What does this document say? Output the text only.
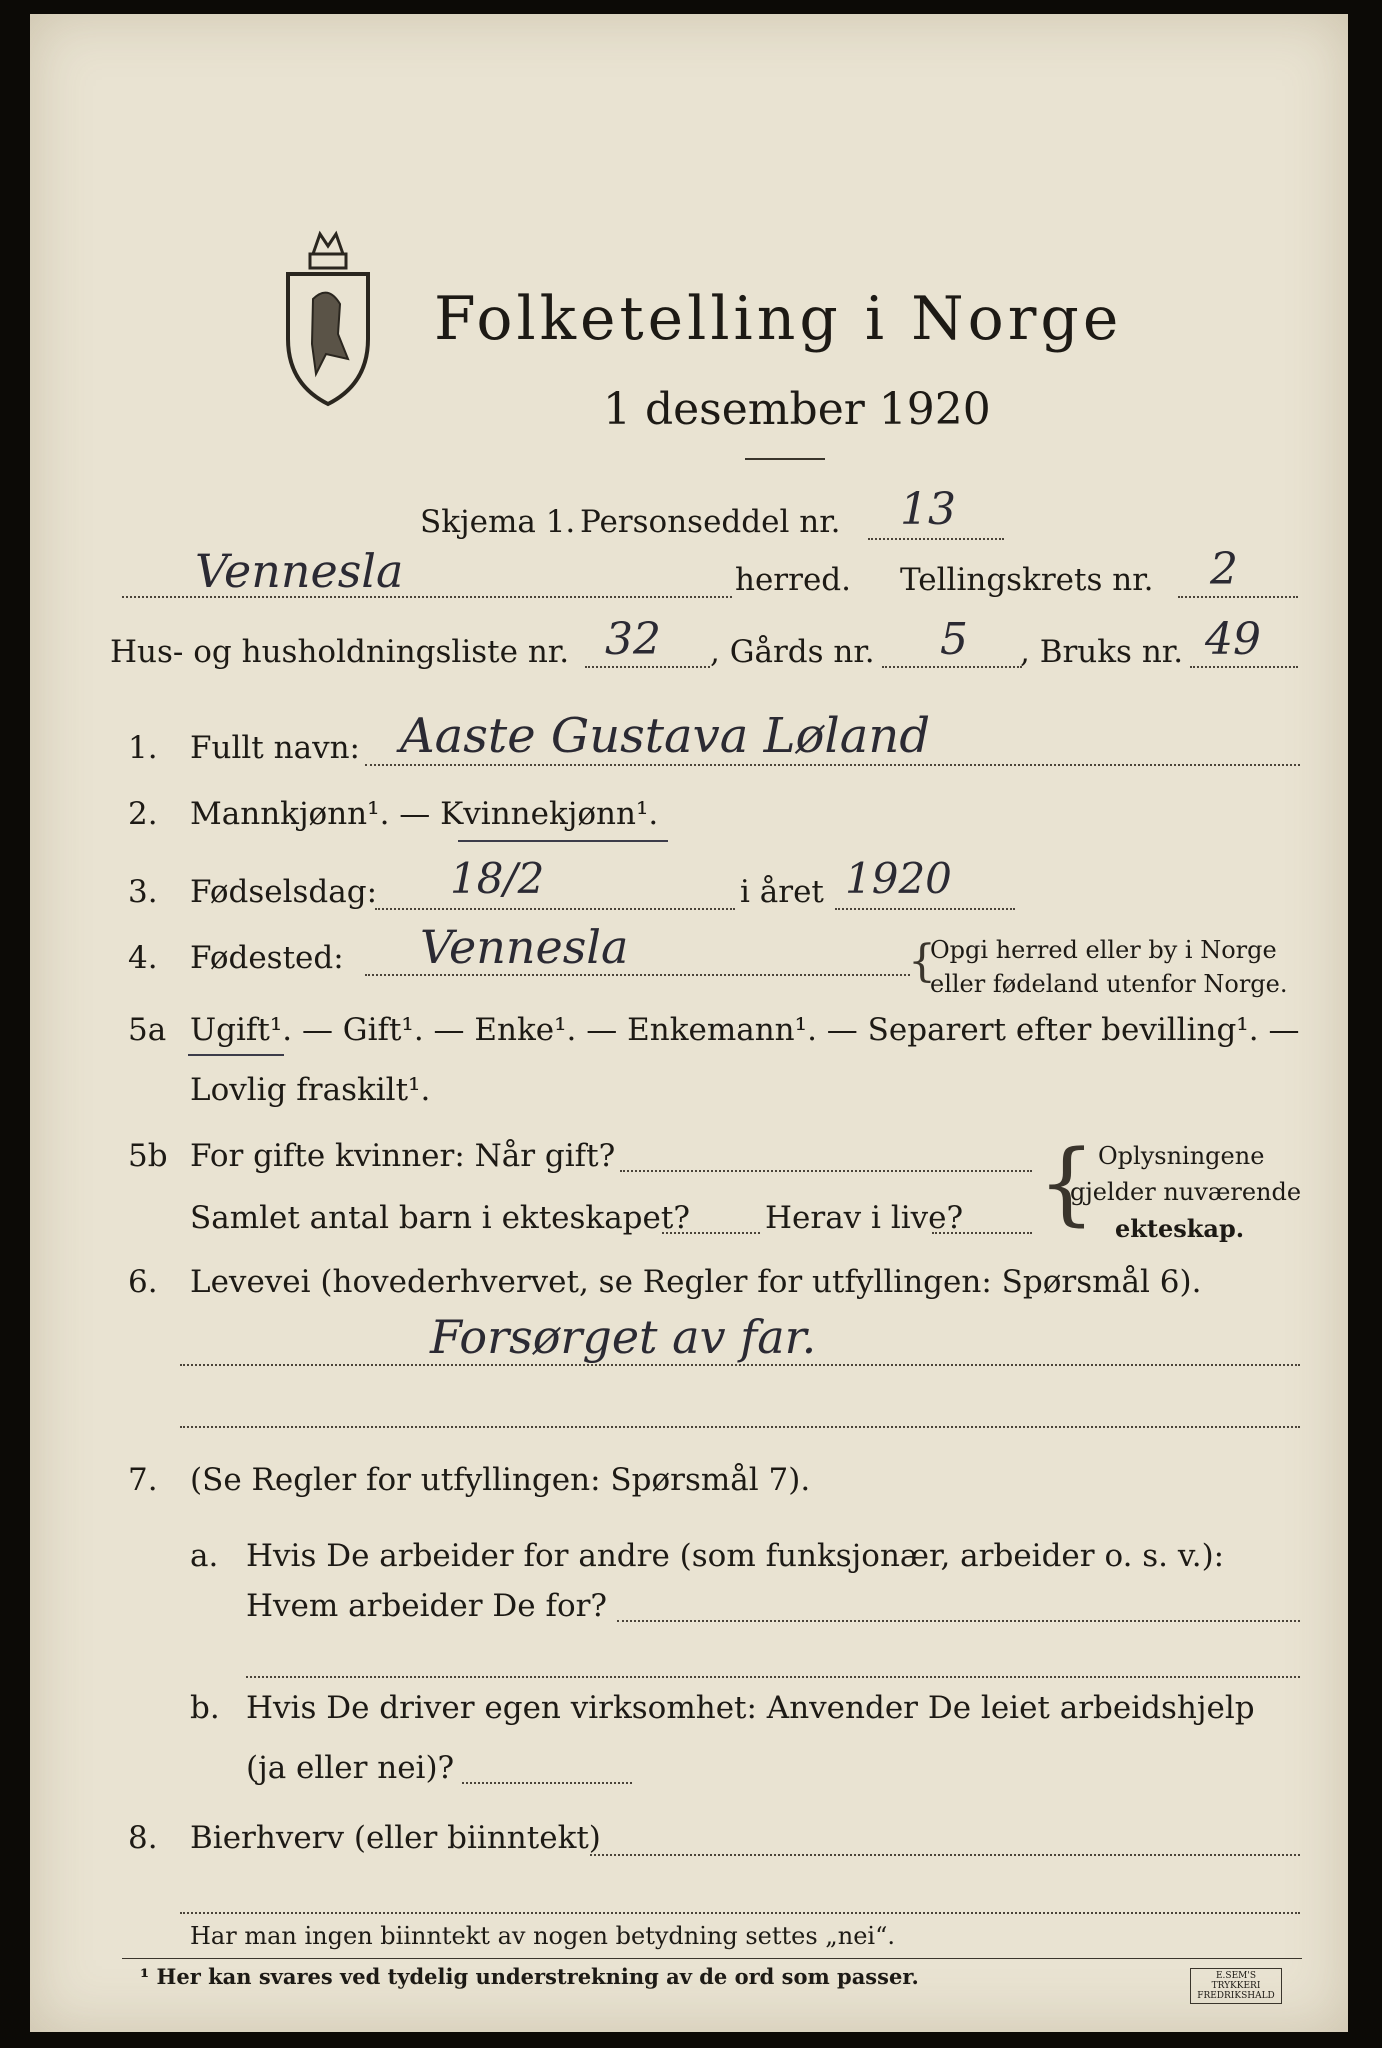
Folketelling i Norge
1 desember 1920
Skjema 1. Personseddel nr. 13
Vennesla	herred. Tellingskrets nr. 2
Hus- og husholdningsliste nr. 32 , Gårds nr. 5 , Bruks nr. 49
1. Fullt navn: Aaste Gustava Løland
2. Mannkjønn¹. — Kvinnekjønn¹.
3. Fødselsdag: 18/2	i året 1920
4. Fødested: Vennesla	{
Opgi herred eller by i Norge
eller fødeland utenfor Norge.
5a Ugift¹. — Gift¹. — Enke¹. — Enkemann¹. — Separert efter bevilling¹. —
Lovlig fraskilt¹.
5b For gifte kvinner: Når gift?
Samlet antal barn i ekteskapet? Herav i live? { Oplysningene
gjelder nuværende
ekteskap.
6. Levevei (hovederhvervet, se Regler for utfyllingen: Spørsmål 6).
Forsørget av far.
7. (Se Regler for utfyllingen: Spørsmål 7).
a. Hvis De arbeider for andre (som funksjonær, arbeider o. s. v.):
Hvem arbeider De for?
b. Hvis De driver egen virksomhet: Anvender De leiet arbeidshjelp
(ja eller nei)?
8. Bierhverv (eller biinntekt)
Har man ingen biinntekt av nogen betydning settes „nei“.
¹ Her kan svares ved tydelig understrekning av de ord som passer.	E.SEM'S TRYKKERI FREDRIKSHALD
